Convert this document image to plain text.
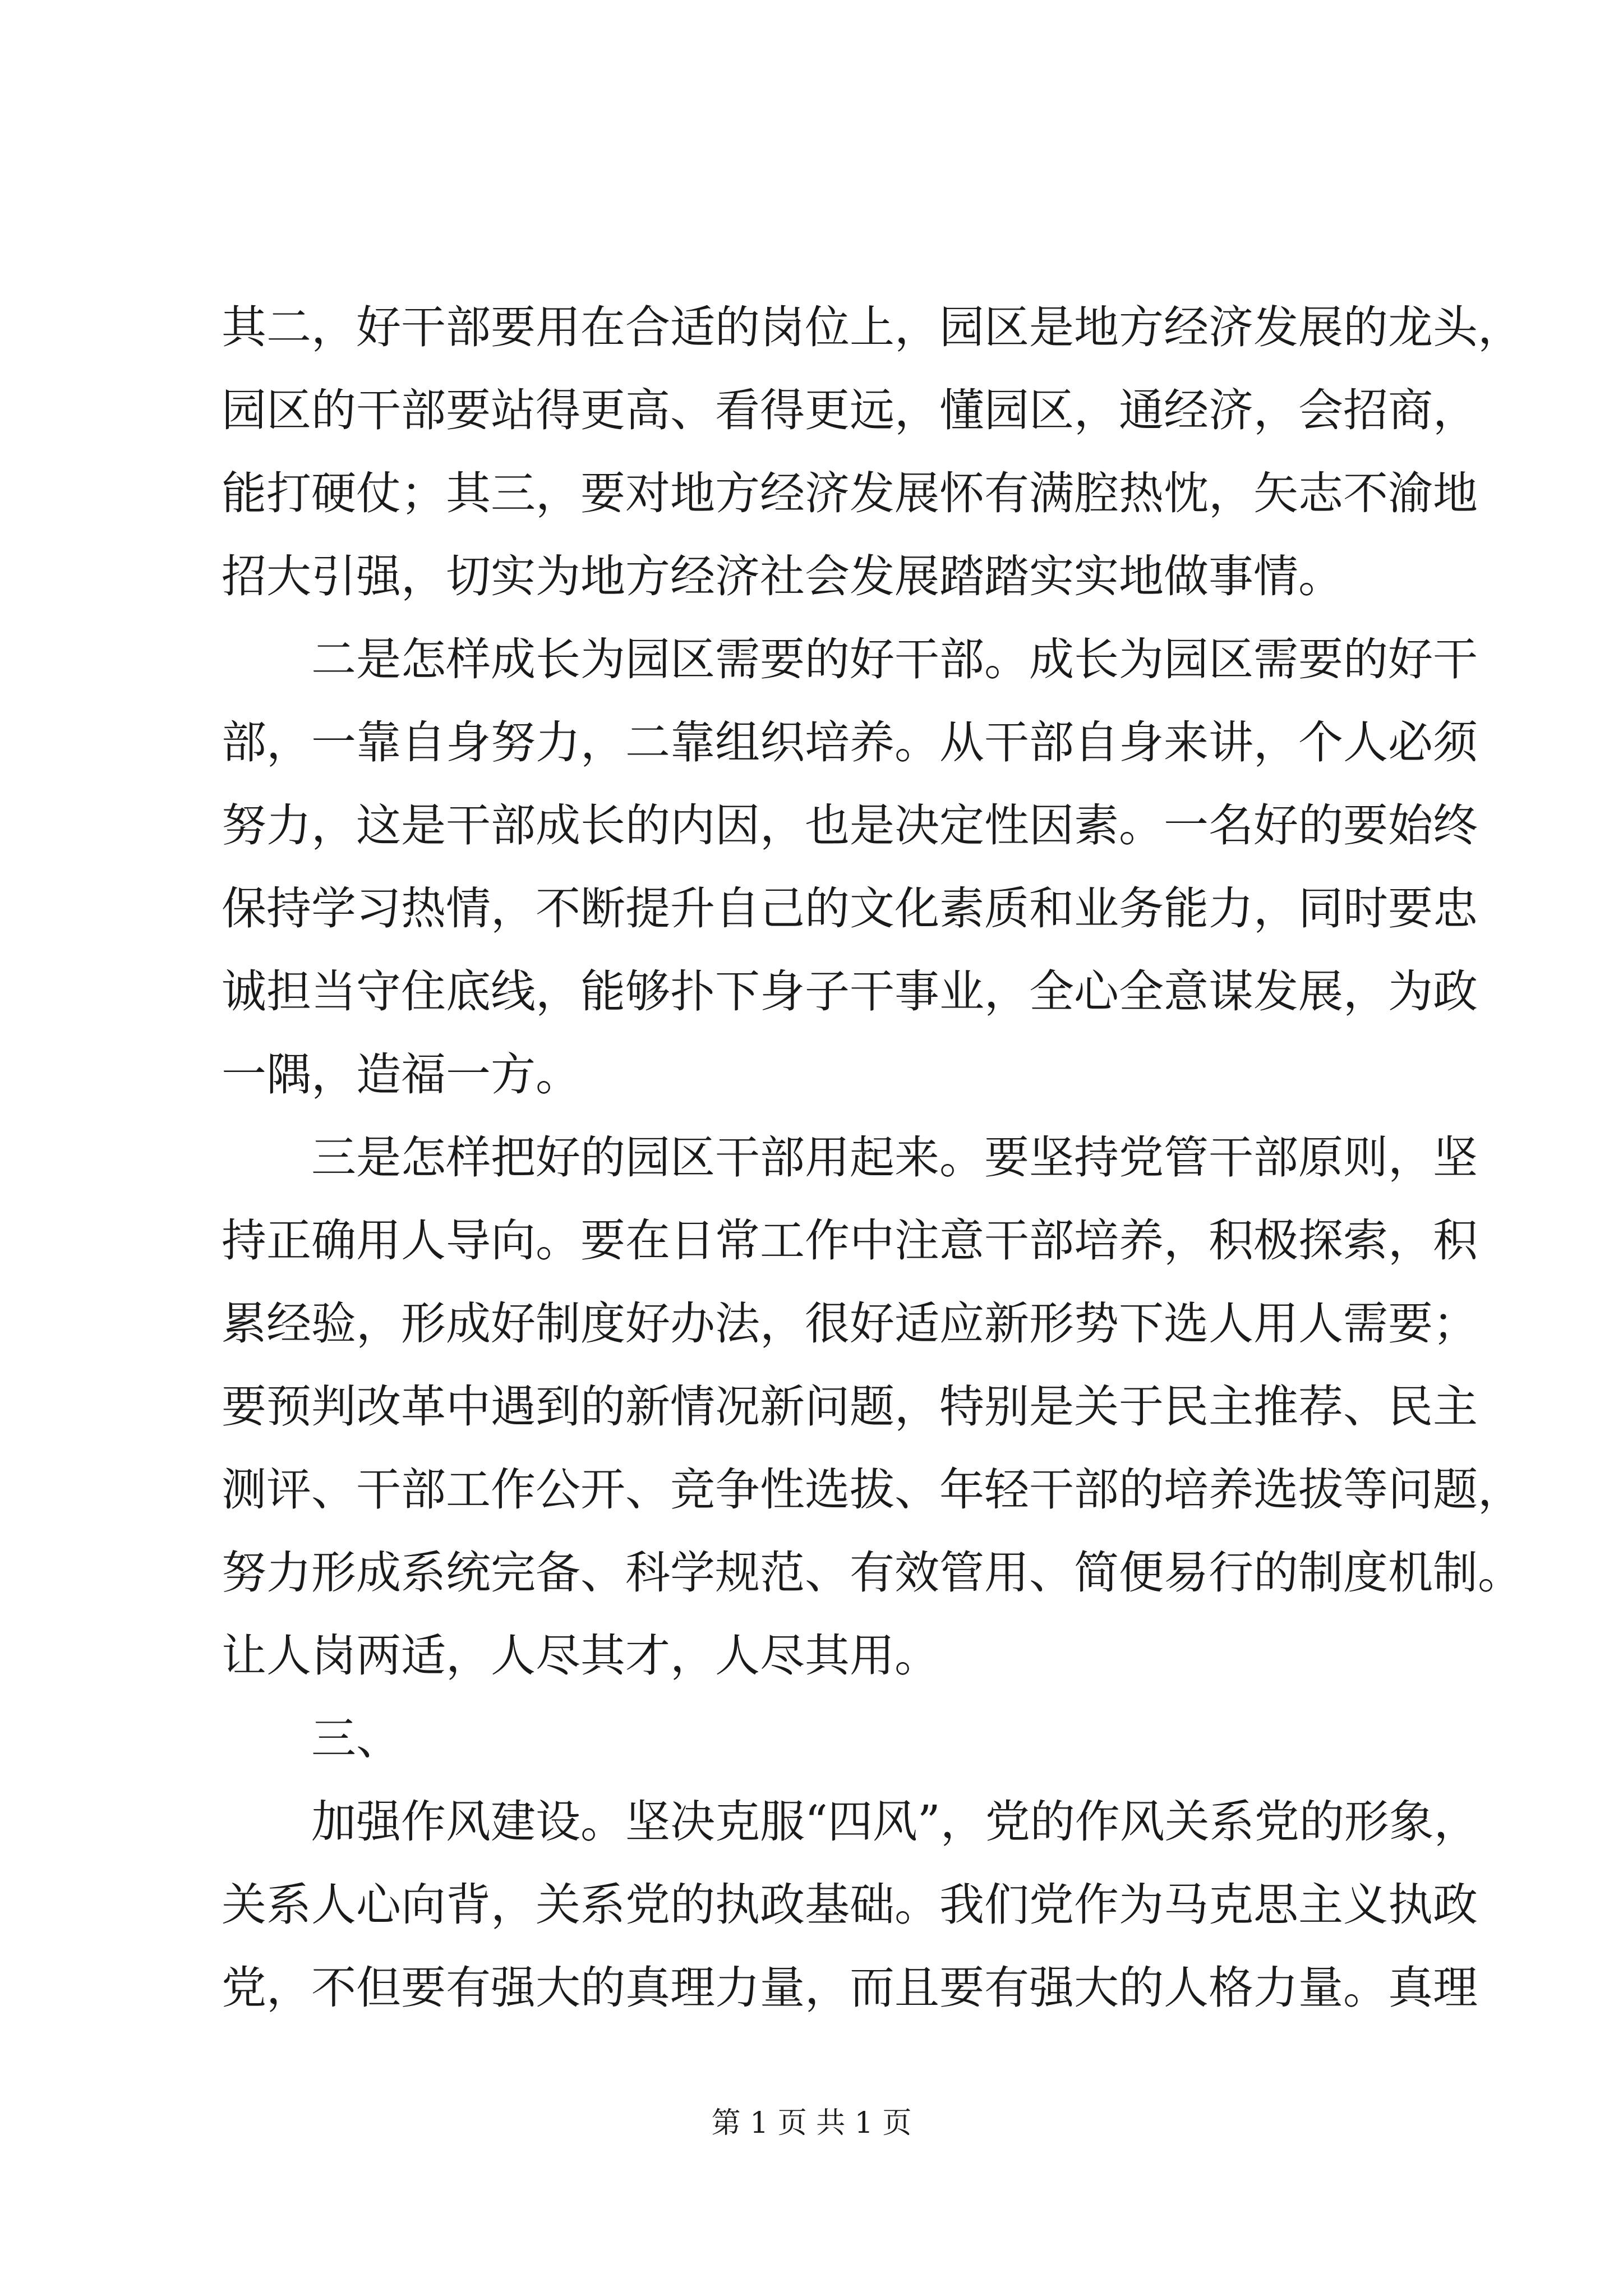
其二，好干部要用在合适的岗位上，园区是地方经济发展的龙头，
园区的干部要站得更高、看得更远，懂园区，通经济，会招商，
能打硬仗；其三，要对地方经济发展怀有满腔热忱，矢志不渝地
招大引强，切实为地方经济社会发展踏踏实实地做事情。
二是怎样成长为园区需要的好干部。成长为园区需要的好干
部，一靠自身努力，二靠组织培养。从干部自身来讲，个人必须
努力，这是干部成长的内因，也是决定性因素。一名好的要始终
保持学习热情，不断提升自己的文化素质和业务能力，同时要忠
诚担当守住底线，能够扑下身子干事业，全心全意谋发展，为政
一隅，造福一方。
三是怎样把好的园区干部用起来。要坚持党管干部原则，坚
持正确用人导向。要在日常工作中注意干部培养，积极探索，积
累经验，形成好制度好办法，很好适应新形势下选人用人需要；
要预判改革中遇到的新情况新问题，特别是关于民主推荐、民主
测评、干部工作公开、竞争性选拔、年轻干部的培养选拔等问题，
努力形成系统完备、科学规范、有效管用、简便易行的制度机制。
让人岗两适，人尽其才，人尽其用。
三、
加强作风建设。坚决克服“四风”，党的作风关系党的形象，
关系人心向背，关系党的执政基础。我们党作为马克思主义执政
党，不但要有强大的真理力量，而且要有强大的人格力量。真理
第 1 页 共 1 页
